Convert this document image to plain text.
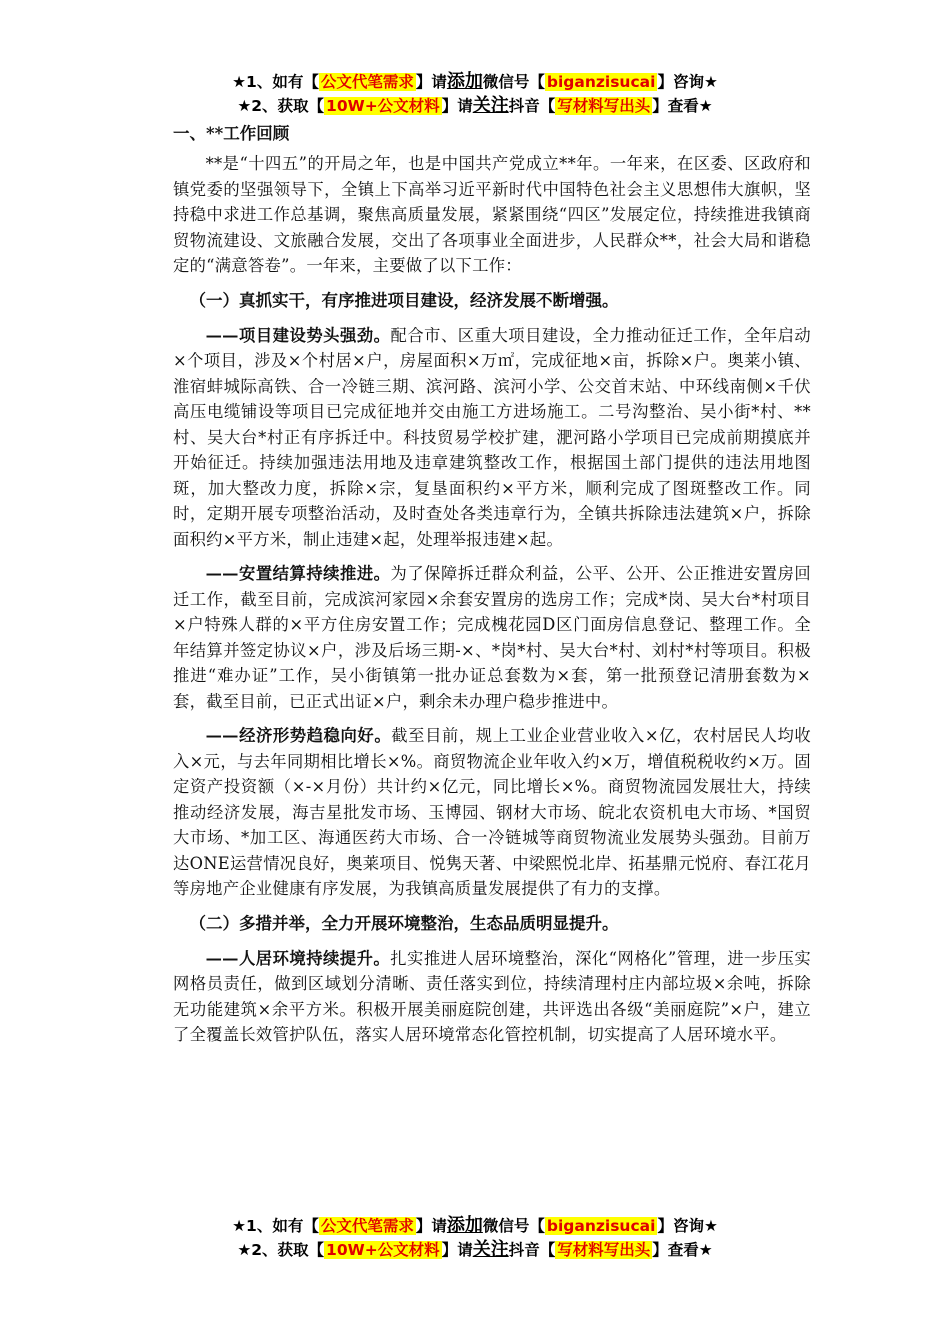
★1、如有【 公文代笔需求 】请添加微信号【 biganzisucai 】咨询★
★2、获取【 10W+公文材料 】请关注抖音【 写材料写出头 】查看★
一、**工作回顾

**是“十四五”的开局之年，也是中国共产党成立**年。一年来，在区委、区政府和镇党委的坚强领导下，全镇上下高举习近平新时代中国特色社会主义思想伟大旗帜，坚持稳中求进工作总基调，聚焦高质量发展，紧紧围绕“四区”发展定位，持续推进我镇商贸物流建设、文旅融合发展，交出了各项事业全面进步，人民群众**，社会大局和谐稳定的“满意答卷”。一年来，主要做了以下工作：

（一）真抓实干，有序推进项目建设，经济发展不断增强。

——项目建设势头强劲。配合市、区重大项目建设，全力推动征迁工作，全年启动×个项目，涉及×个村居×户，房屋面积×万㎡，完成征地×亩，拆除×户。奥莱小镇、淮宿蚌城际高铁、合一冷链三期、滨河路、滨河小学、公交首末站、中环线南侧×千伏高压电缆铺设等项目已完成征地并交由施工方进场施工。二号沟整治、吴小街*村、**村、吴大台*村正有序拆迁中。科技贸易学校扩建，淝河路小学项目已完成前期摸底并开始征迁。持续加强违法用地及违章建筑整改工作，根据国土部门提供的违法用地图斑，加大整改力度，拆除×宗，复垦面积约×平方米，顺利完成了图斑整改工作。同时，定期开展专项整治活动，及时查处各类违章行为，全镇共拆除违法建筑×户，拆除面积约×平方米，制止违建×起，处理举报违建×起。

——安置结算持续推进。为了保障拆迁群众利益，公平、公开、公正推进安置房回迁工作，截至目前，完成滨河家园×余套安置房的选房工作；完成*岗、吴大台*村项目×户特殊人群的×平方住房安置工作；完成槐花园D区门面房信息登记、整理工作。全年结算并签定协议×户，涉及后场三期-×、*岗*村、吴大台*村、刘村*村等项目。积极推进“难办证”工作，吴小街镇第一批办证总套数为×套，第一批预登记清册套数为×套，截至目前，已正式出证×户，剩余未办理户稳步推进中。

——经济形势趋稳向好。截至目前，规上工业企业营业收入×亿，农村居民人均收入×元，与去年同期相比增长×%。商贸物流企业年收入约×万，增值税税收约×万。固定资产投资额（×-×月份）共计约×亿元，同比增长×%。商贸物流园发展壮大，持续推动经济发展，海吉星批发市场、玉博园、钢材大市场、皖北农资机电大市场、*国贸大市场、*加工区、海通医药大市场、合一冷链城等商贸物流业发展势头强劲。目前万达ONE运营情况良好，奥莱项目、悦隽天著、中梁熙悦北岸、拓基鼎元悦府、春江花月等房地产企业健康有序发展，为我镇高质量发展提供了有力的支撑。

（二）多措并举，全力开展环境整治，生态品质明显提升。

——人居环境持续提升。扎实推进人居环境整治，深化“网格化”管理，进一步压实网格员责任，做到区域划分清晰、责任落实到位，持续清理村庄内部垃圾×余吨，拆除无功能建筑×余平方米。积极开展美丽庭院创建，共评选出各级“美丽庭院”×户，建立了全覆盖长效管护队伍，落实人居环境常态化管控机制，切实提高了人居环境水平。

★1、如有【 公文代笔需求 】请添加微信号【 biganzisucai 】咨询★
★2、获取【 10W+公文材料 】请关注抖音【 写材料写出头 】查看★
